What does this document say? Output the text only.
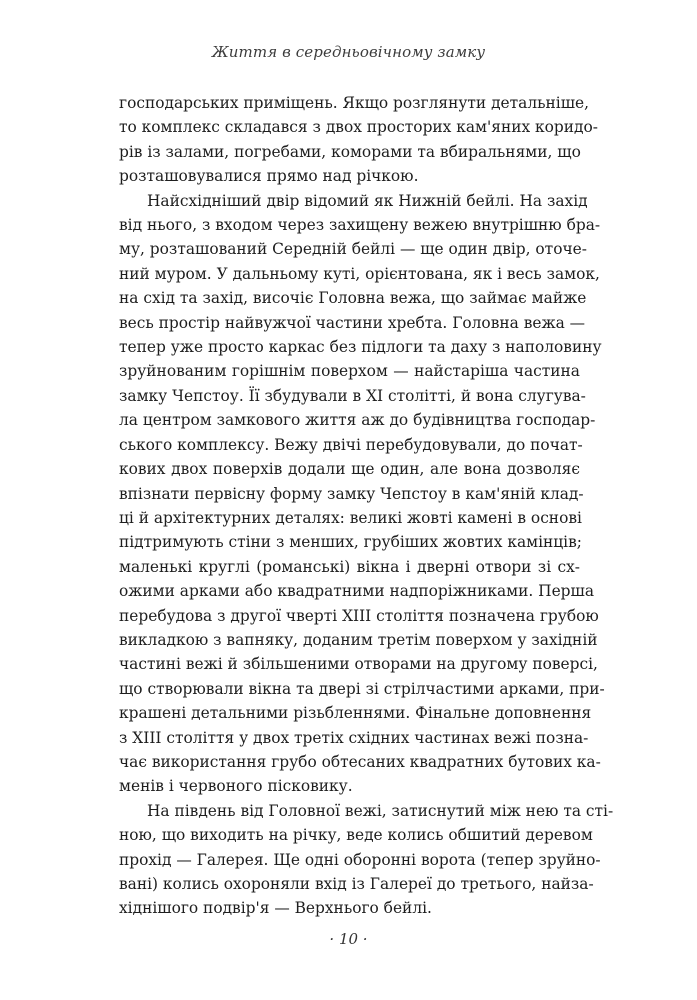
Життя в середньовічному замку
господарських приміщень. Якщо розглянути детальніше,
то комплекс складався з двох просторих кам'яних коридо-
рів із залами, погребами, коморами та вбиральнями, що
розташовувалися прямо над річкою.
Найсхідніший двір відомий як Нижній бейлі. На захід
від нього, з входом через захищену вежею внутрішню бра-
му, розташований Середній бейлі — ще один двір, оточе-
ний муром. У дальньому куті, орієнтована, як і весь замок,
на схід та захід, височіє Головна вежа, що займає майже
весь простір найвужчої частини хребта. Головна вежа —
тепер уже просто каркас без підлоги та даху з наполовину
зруйнованим горішнім поверхом — найстаріша частина
замку Чепстоу. Її збудували в XI столітті, й вона слугува-
ла центром замкового життя аж до будівництва господар-
ського комплексу. Вежу двічі перебудовували, до почат-
кових двох поверхів додали ще один, але вона дозволяє
впізнати первісну форму замку Чепстоу в кам'яній клад-
ці й архітектурних деталях: великі жовті камені в основі
підтримують стіни з менших, грубіших жовтих камінців;
маленькі круглі (романські) вікна і дверні отвори зі сх-
ожими арками або квадратними надпоріжниками. Перша
перебудова з другої чверті XIII століття позначена грубою
викладкою з вапняку, доданим третім поверхом у західній
частині вежі й збільшеними отворами на другому поверсі,
що створювали вікна та двері зі стрілчастими арками, при-
крашені детальними різьбленнями. Фінальне доповнення
з XIII століття у двох третіх східних частинах вежі позна-
чає використання грубо обтесаних квадратних бутових ка-
менів і червоного пісковику.
На південь від Головної вежі, затиснутий між нею та сті-
ною, що виходить на річку, веде колись обшитий деревом
прохід — Галерея. Ще одні оборонні ворота (тепер зруйно-
вані) колись охороняли вхід із Галереї до третього, найза-
хіднішого подвір'я — Верхнього бейлі.
· 10 ·
